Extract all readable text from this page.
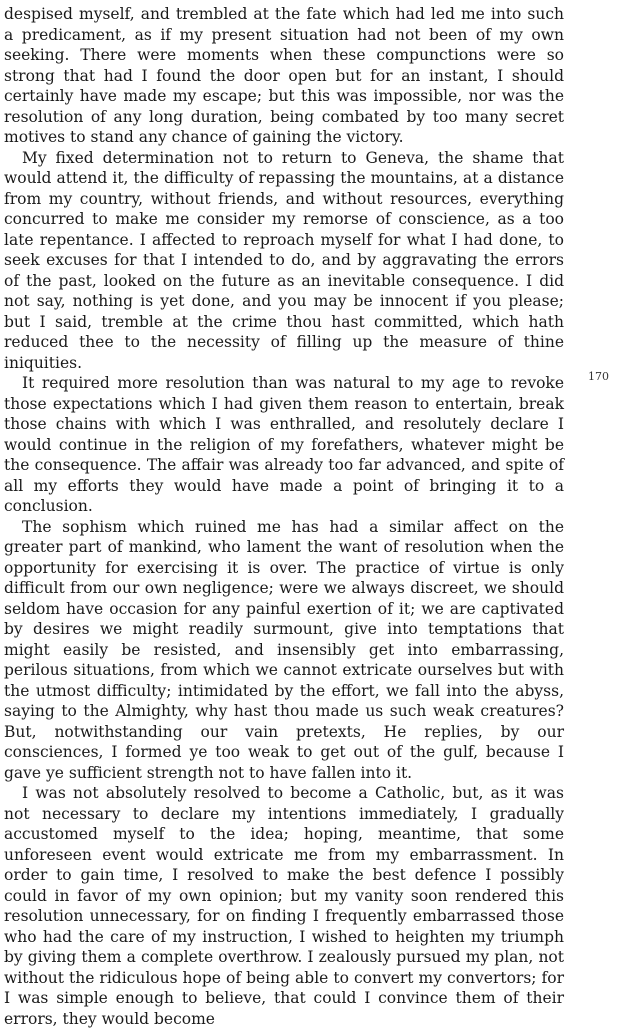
despised myself, and trembled at the fate which had led me into such a predicament, as if my present situation had not been of my own seeking. There were moments when these compunctions were so strong that had I found the door open but for an instant, I should certainly have made my escape; but this was impossible, nor was the resolution of any long duration, being combated by too many secret motives to stand any chance of gaining the victory.

My fixed determination not to return to Geneva, the shame that would attend it, the difficulty of repassing the mountains, at a distance from my country, without friends, and without resources, everything concurred to make me consider my remorse of conscience, as a too late repentance. I affected to reproach myself for what I had done, to seek excuses for that I intended to do, and by aggravating the errors of the past, looked on the future as an inevitable consequence. I did not say, nothing is yet done, and you may be innocent if you please; but I said, tremble at the crime thou hast committed, which hath reduced thee to the necessity of filling up the measure of thine iniquities.

It required more resolution than was natural to my age to revoke those expectations which I had given them reason to entertain, break those chains with which I was enthralled, and resolutely declare I would continue in the religion of my forefathers, whatever might be the consequence. The affair was already too far advanced, and spite of all my efforts they would have made a point of bringing it to a conclusion.

The sophism which ruined me has had a similar affect on the greater part of mankind, who lament the want of resolution when the opportunity for exercising it is over. The practice of virtue is only difficult from our own negligence; were we always discreet, we should seldom have occasion for any painful exertion of it; we are captivated by desires we might readily surmount, give into temptations that might easily be resisted, and insensibly get into embarrassing, perilous situations, from which we cannot extricate ourselves but with the utmost difficulty; intimidated by the effort, we fall into the abyss, saying to the Almighty, why hast thou made us such weak creatures? But, notwithstanding our vain pretexts, He replies, by our consciences, I formed ye too weak to get out of the gulf, because I gave ye sufficient strength not to have fallen into it.

I was not absolutely resolved to become a Catholic, but, as it was not necessary to declare my intentions immediately, I gradually accustomed myself to the idea; hoping, meantime, that some unforeseen event would extricate me from my embarrassment. In order to gain time, I resolved to make the best defence I possibly could in favor of my own opinion; but my vanity soon rendered this resolution unnecessary, for on finding I frequently embarrassed those who had the care of my instruction, I wished to heighten my triumph by giving them a complete overthrow. I zealously pursued my plan, not without the ridiculous hope of being able to convert my convertors; for I was simple enough to believe, that could I convince them of their errors, they would become

170
